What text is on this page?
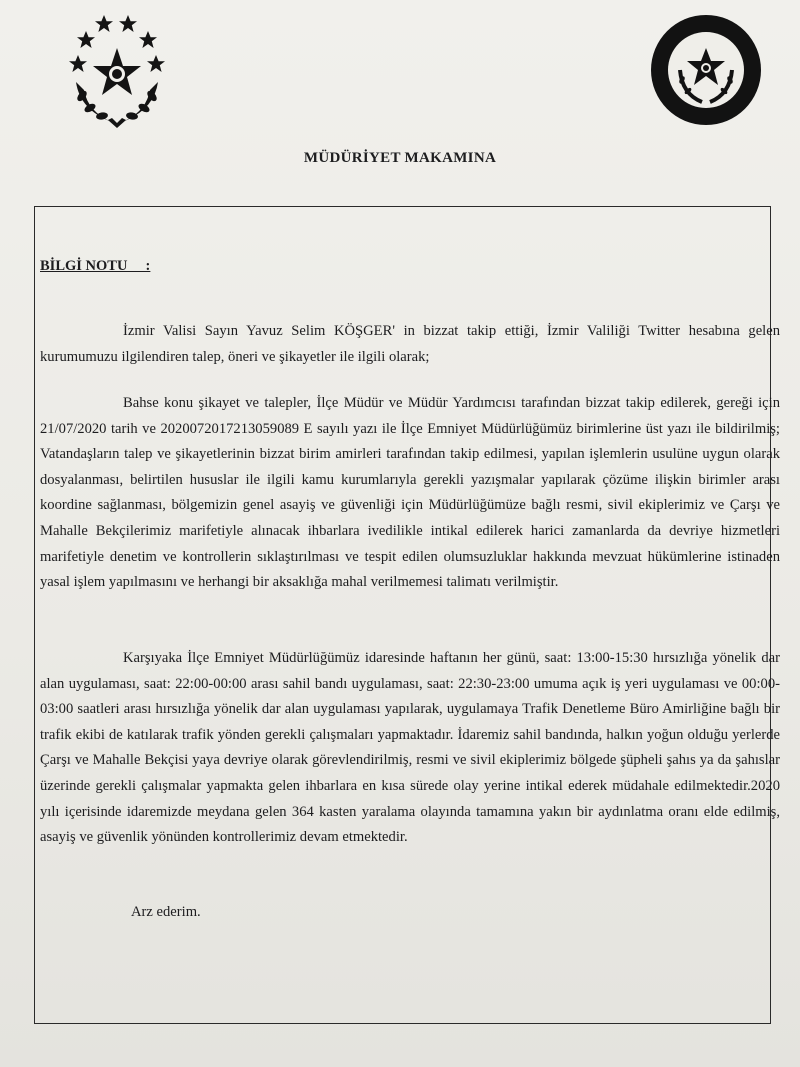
MÜDÜRİYET MAKAMINA
BİLGİ NOTU     :

İzmir Valisi Sayın Yavuz Selim KÖŞGER' in bizzat takip ettiği, İzmir Valiliği Twitter hesabına gelen kurumumuzu ilgilendiren talep, öneri ve şikayetler ile ilgili olarak;

Bahse konu şikayet ve talepler, İlçe Müdür ve Müdür Yardımcısı tarafından bizzat takip edilerek, gereği için 21/07/2020 tarih ve 2020072017213059089 E sayılı yazı ile İlçe Emniyet Müdürlüğümüz birimlerine üst yazı ile bildirilmiş; Vatandaşların talep ve şikayetlerinin bizzat birim amirleri tarafından takip edilmesi, yapılan işlemlerin usulüne uygun olarak dosyalanması, belirtilen hususlar ile ilgili kamu kurumlarıyla gerekli yazışmalar yapılarak çözüme ilişkin birimler arası koordine sağlanması, bölgemizin genel asayiş ve güvenliği için Müdürlüğümüze bağlı resmi, sivil ekiplerimiz ve Çarşı ve Mahalle Bekçilerimiz marifetiyle alınacak ihbarlara ivedilikle intikal edilerek harici zamanlarda da devriye hizmetleri marifetiyle denetim ve kontrollerin sıklaştırılması ve tespit edilen olumsuzluklar hakkında mevzuat hükümlerine istinaden yasal işlem yapılmasını ve herhangi bir aksaklığa mahal verilmemesi talimatı verilmiştir.

Karşıyaka İlçe Emniyet Müdürlüğümüz idaresinde haftanın her günü, saat: 13:00-15:30 hırsızlığa yönelik dar alan uygulaması, saat: 22:00-00:00 arası sahil bandı uygulaması, saat: 22:30-23:00 umuma açık iş yeri uygulaması ve 00:00-03:00 saatleri arası hırsızlığa yönelik dar alan uygulaması yapılarak, uygulamaya Trafik Denetleme Büro Amirliğine bağlı bir trafik ekibi de katılarak trafik yönden gerekli çalışmaları yapmaktadır. İdaremiz sahil bandında, halkın yoğun olduğu yerlerde Çarşı ve Mahalle Bekçisi yaya devriye olarak görevlendirilmiş, resmi ve sivil ekiplerimiz bölgede şüpheli şahıs ya da şahıslar üzerinde gerekli çalışmalar yapmakta gelen ihbarlara en kısa sürede olay yerine intikal ederek müdahale edilmektedir.2020 yılı içerisinde idaremizde meydana gelen 364 kasten yaralama olayında tamamına yakın bir aydınlatma oranı elde edilmiş, asayiş ve güvenlik yönünden kontrollerimiz devam etmektedir.

Arz ederim.
